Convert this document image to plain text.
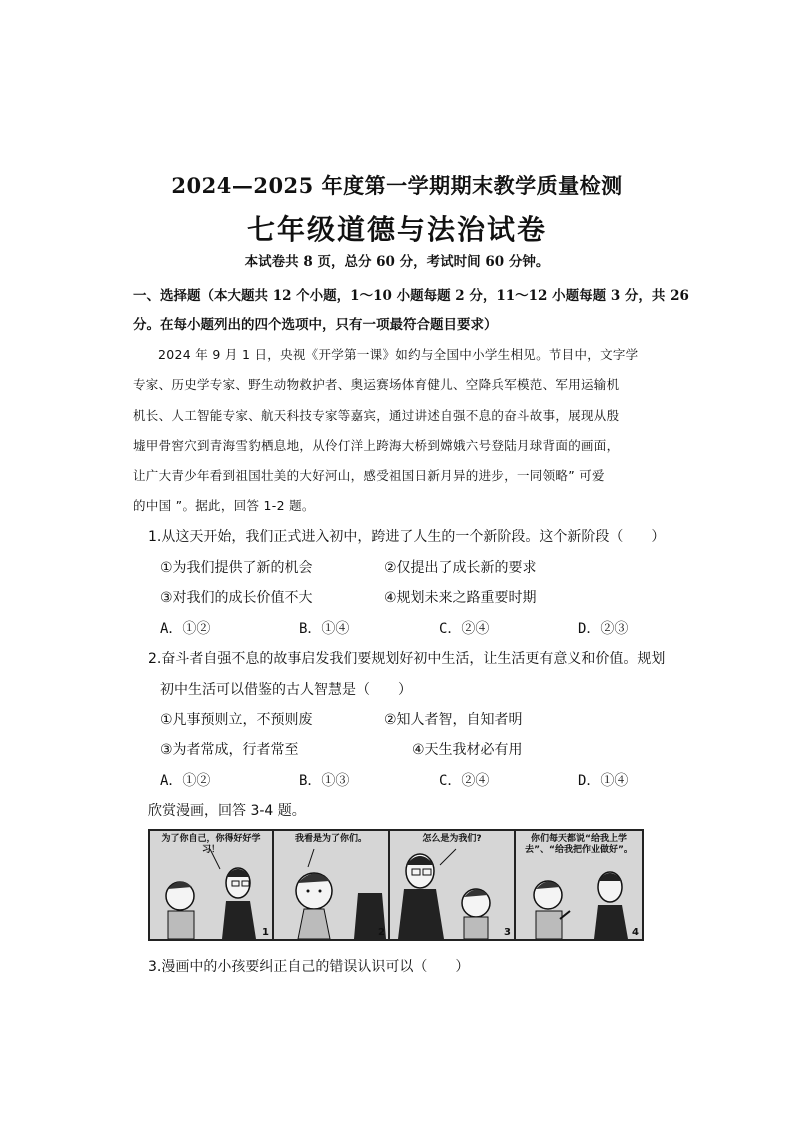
2024—2025 年度第一学期期末教学质量检测
七年级道德与法治试卷
本试卷共 8 页，总分 60 分，考试时间 60 分钟。
一、选择题（本大题共 12 个小题，1～10 小题每题 2 分，11～12 小题每题 3 分，共 26
分。在每小题列出的四个选项中，只有一项最符合题目要求）
2024 年 9 月 1 日，央视《开学第一课》如约与全国中小学生相见。节目中，文字学
专家、历史学专家、野生动物救护者、奥运赛场体育健儿、空降兵军模范、军用运输机
机长、人工智能专家、航天科技专家等嘉宾，通过讲述自强不息的奋斗故事，展现从殷
墟甲骨窖穴到青海雪豹栖息地，从伶仃洋上跨海大桥到嫦娥六号登陆月球背面的画面，
让广大青少年看到祖国壮美的大好河山，感受祖国日新月异的进步，一同领略” 可爱
的中国 ”。据此，回答 1-2 题。
1.从这天开始，我们正式进入初中，跨进了人生的一个新阶段。这个新阶段（　　）
①为我们提供了新的机会	②仅提出了成长新的要求
③对我们的成长价值不大	④规划未来之路重要时期
A．①②	B．①④	C．②④	D．②③
2.奋斗者自强不息的故事启发我们要规划好初中生活，让生活更有意义和价值。规划
初中生活可以借鉴的古人智慧是（　　）
①凡事预则立，不预则废	②知人者智，自知者明
③为者常成，行者常至	④天生我材必有用
A．①②	B．①③	C．②④	D．①④
欣赏漫画，回答 3-4 题。
为了你自己，你得好好学习！
1
我看是为了你们。
2
怎么是为我们?
3
你们每天都说“给我上学去”、“给我把作业做好”。
4
3.漫画中的小孩要纠正自己的错误认识可以（　　）
